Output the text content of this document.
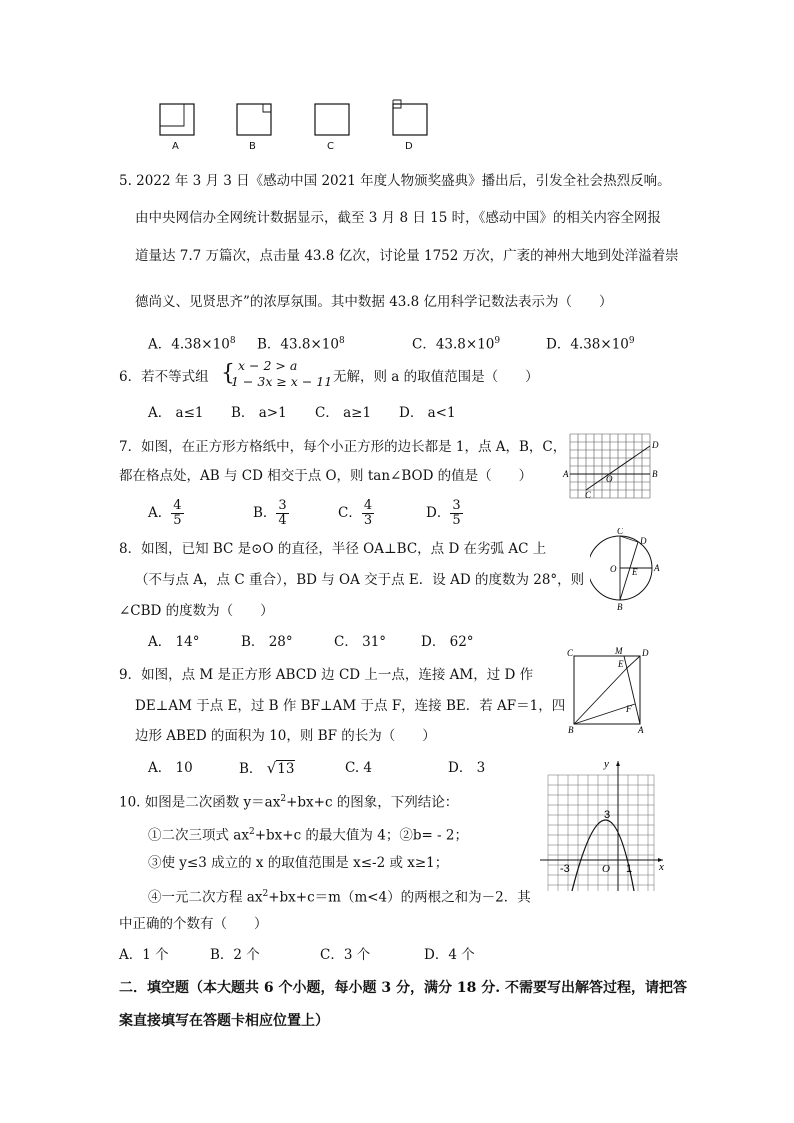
A	B	C	D
5. 2022 年 3 月 3 日《感动中国 2021 年度人物颁奖盛典》播出后，引发全社会热烈反响。
由中央网信办全网统计数据显示，截至 3 月 8 日 15 时，《感动中国》的相关内容全网报
道量达 7.7 万篇次，点击量 43.8 亿次，讨论量 1752 万次，广袤的神州大地到处洋溢着崇
德尚义、见贤思齐”的浓厚氛围。其中数据 43.8 亿用科学记数法表示为（　　）
A．$4.38\times 10^8$ B．$43.8\times 10^8$	C．$43.8\times 10^9$	D．$4.38\times 10^9$
6．若不等式组 { x − 2 > a
1 − 3x ≥ x − 11 无解，则 a 的取值范围是（　　）
A． a≤1 B． a>1 C． a≥1 D． a<1
7．如图，在正方形方格纸中，每个小正方形的边长都是 1，点 A，B，C，
都在格点处，AB 与 CD 相交于点 O，则 tan∠BOD 的值是（　　）
A． $\frac{4}{5}$	B． $\frac{3}{4}$	C． $\frac{4}{3}$	D． $\frac{3}{5}$
A	B
C
D
O
8．如图，已知 BC 是⊙O 的直径，半径 OA⊥BC，点 D 在劣弧 AC 上
（不与点 A，点 C 重合），BD 与 OA 交于点 E．设 AD 的度数为 28°，则
∠CBD 的度数为（　　）
A． 14°	B． 28°	C． 31°	D． 62°
C
D
O E A
B
9．如图，点 M 是正方形 ABCD 边 CD 上一点，连接 AM，过 D 作
DE⊥AM 于点 E，过 B 作 BF⊥AM 于点 F，连接 BE．若 AF＝1，四
边形 ABED 的面积为 10，则 BF 的长为（　　）
A． 10	B． √13	C. 4	D． 3
C	M D
E
F
B	A
10. 如图是二次函数 $y=ax^2+bx+c$ 的图象，下列结论：
①二次三项式 $ax^2+bx+c$ 的最大值为 4；②b= - 2；
③使 y≤3 成立的 x 的取值范围是 x≤-2 或 x≥1；
④一元二次方程 $ax^2+bx+c=m(m<4)$的两根之和为－2．其
中正确的个数有（　　）
A．1 个	B．2 个	C．3 个	D．4 个
y
x
3
O
-3	1
二．填空题（本大题共 6 个小题，每小题 3 分，满分 18 分. 不需要写出解答过程，请把答
案直接填写在答题卡相应位置上）
